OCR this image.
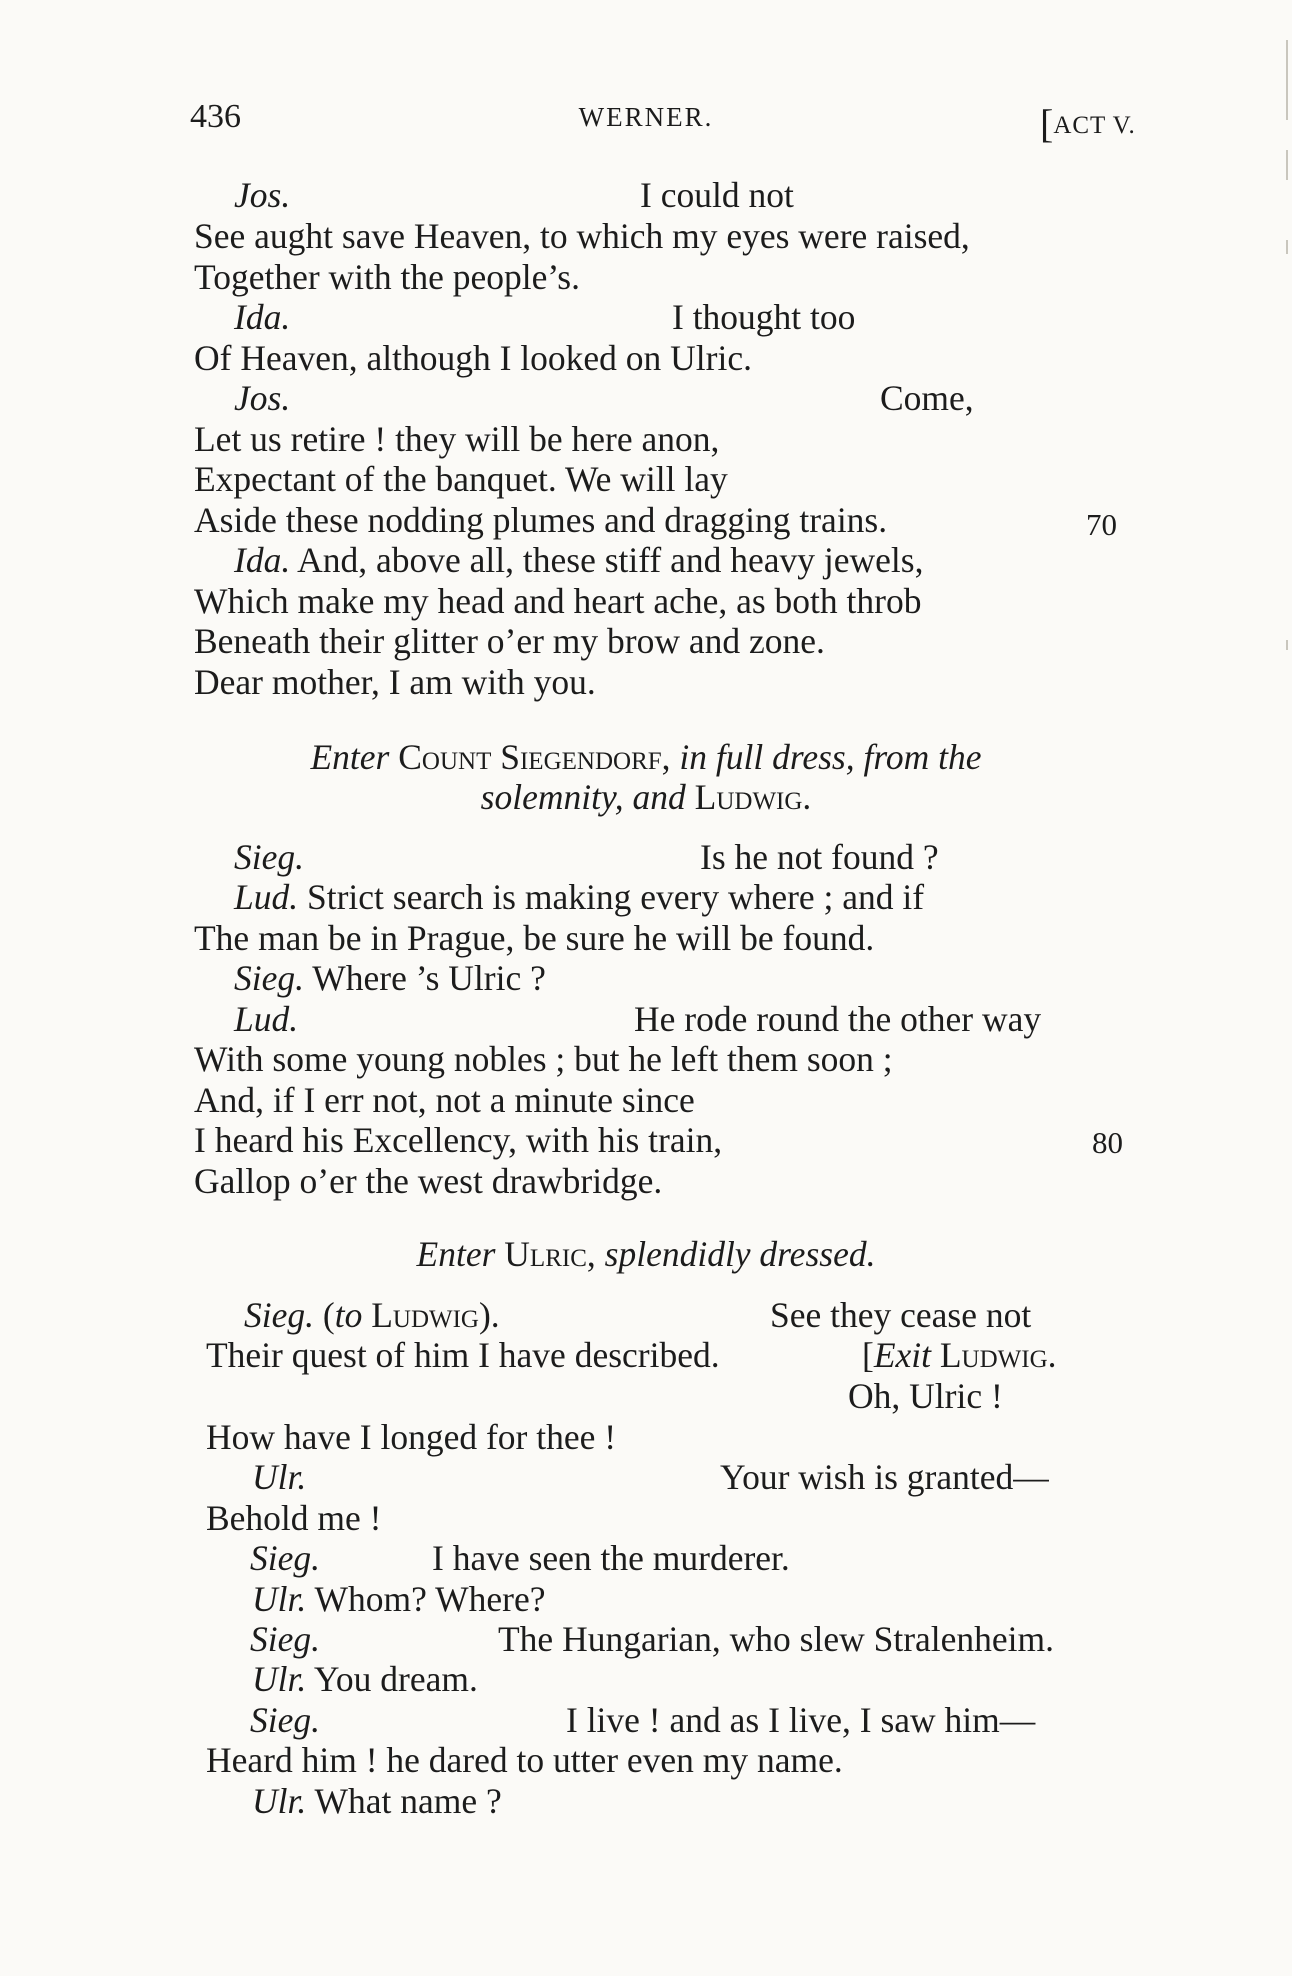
436	WERNER.	[ACT V.
Jos.	I could not
See aught save Heaven, to which my eyes were raised,
Together with the people’s.
Ida.	I thought too
Of Heaven, although I looked on Ulric.
Jos.	Come,
Let us retire ! they will be here anon,
Expectant of the banquet. We will lay
Aside these nodding plumes and dragging trains.	70
Ida. And, above all, these stiff and heavy jewels,
Which make my head and heart ache, as both throb
Beneath their glitter o’er my brow and zone.
Dear mother, I am with you.
Enter Count Siegendorf, in full dress, from the
solemnity, and Ludwig.
Sieg.	Is he not found ?
Lud. Strict search is making every where ; and if
The man be in Prague, be sure he will be found.
Sieg. Where ’s Ulric ?
Lud.	He rode round the other way
With some young nobles ; but he left them soon ;
And, if I err not, not a minute since
I heard his Excellency, with his train,	80
Gallop o’er the west drawbridge.
Enter Ulric, splendidly dressed.
Sieg. (to Ludwig).	See they cease not
Their quest of him I have described.	[Exit Ludwig.
Oh, Ulric !
How have I longed for thee !
Ulr.	Your wish is granted—
Behold me !
Sieg.	I have seen the murderer.
Ulr. Whom? Where?
Sieg.	The Hungarian, who slew Stralenheim.
Ulr. You dream.
Sieg.	I live ! and as I live, I saw him—
Heard him ! he dared to utter even my name.
Ulr. What name ?
